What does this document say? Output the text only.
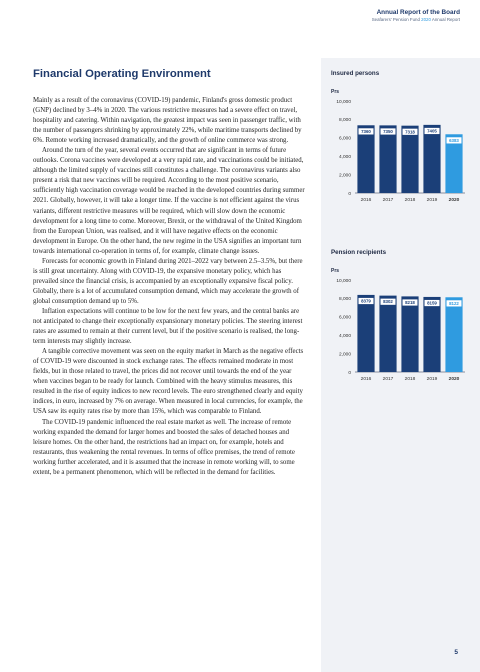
Annual Report of the Board
Seafarers' Pension Fund 2020 Annual Report
Financial Operating Environment

Mainly as a result of the coronavirus (COVID-19) pandemic, Finland's gross domestic product (GNP) declined by 3–4% in 2020. The various restrictive measures had a severe effect on travel, hospitality and catering. Within navigation, the greatest impact was seen in passenger traffic, with the number of passengers shrinking by approximately 22%, while maritime transports declined by 6%. Remote working increased dramatically, and the growth of online commerce was strong.

Around the turn of the year, several events occurred that are significant in terms of future outlooks. Corona vaccines were developed at a very rapid rate, and vaccinations could be initiated, although the limited supply of vaccines still constitutes a challenge. The coronavirus variants also present a risk that new vaccines will be required. According to the most positive scenario, sufficiently high vaccination coverage would be reached in the developed countries during summer 2021. Globally, however, it will take a longer time. If the vaccine is not efficient against the virus variants, different restrictive measures will be required, which will slow down the economic development for a long time to come. Moreover, Brexit, or the withdrawal of the United Kingdom from the European Union, was realised, and it will have negative effects on the economic development in Europe. On the other hand, the new regime in the USA signifies an important turn towards international co-operation in terms of, for example, climate change issues.

Forecasts for economic growth in Finland during 2021–2022 vary between 2.5–3.5%, but there is still great uncertainty. Along with COVID-19, the expansive monetary policy, which has prevailed since the financial crisis, is accompanied by an exceptionally expansive fiscal policy. Globally, there is a lot of accumulated consumption demand, which may accelerate the growth of global consumption demand up to 5%.

Inflation expectations will continue to be low for the next few years, and the central banks are not anticipated to change their exceptionally expansionary monetary policies. The steering interest rates are assumed to remain at their current level, but if the positive scenario is realised, the long-term interests may slightly increase.

A tangible corrective movement was seen on the equity market in March as the negative effects of COVID-19 were discounted in stock exchange rates. The effects remained moderate in most fields, but in those related to travel, the prices did not recover until towards the end of the year when vaccines began to be ready for launch. Combined with the heavy stimulus measures, this resulted in the rise of equity indices to new record levels. The euro strengthened clearly and equity indices, in euro, increased by 7% on average. When measured in local currencies, for example, the USA saw its equity rates rise by more than 15%, which was comparable to Finland.

The COVID-19 pandemic influenced the real estate market as well. The increase of remote working expanded the demand for larger homes and boosted the sales of detached houses and leisure homes. On the other hand, the restrictions had an impact on, for example, hotels and restaurants, thus weakening the rental revenues. In terms of office premises, the trend of remote working further accelerated, and it is assumed that the increase in remote working will, to some extent, be a permanent phenomenon, which will be reflected in the demand for facilities.

Insured persons
Prs
0
2,000
4,000
6,000
8,000
10,000
7360
2016
7350
2017
7318
2018
7405
2019
6383
2020
Pension recipients
Prs
0
2,000
4,000
6,000
8,000
10,000
8379
2016
8302
2017
8218
2018
8159
2019
8122
2020
5
